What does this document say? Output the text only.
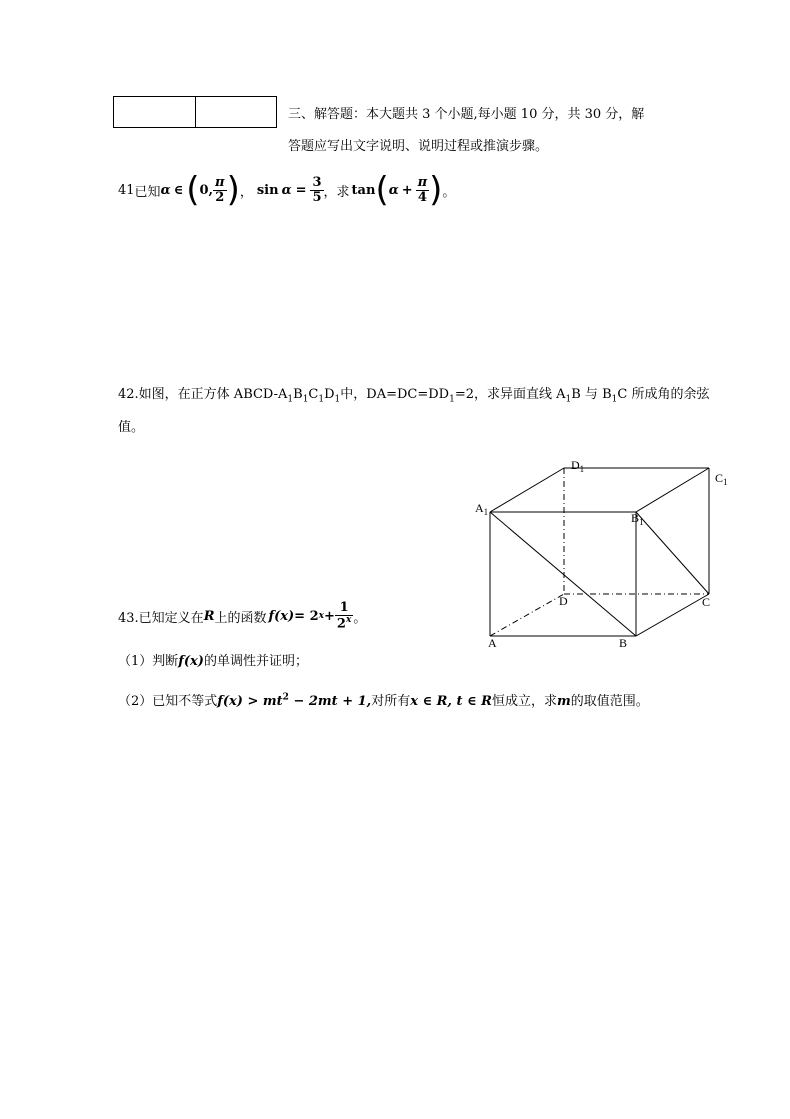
三、解答题：本大题共 3 个小题,每小题 10 分，共 30 分，解
答题应写出文字说明、说明过程或推演步骤。
41 已知 α ∈ ( 0 , $\frac{\pi}{2}$ ) ， $\sin \alpha = \frac{3}{5}$ ，求 tan ( $\alpha + \frac{\pi}{4}$ ) 。
42.如图，在正方体 ABCD-$A_1B_1C_1D_1$中，$DA=DC=DD_1=2$，求异面直线 $A_1B$ 与 $B_1C$ 所成角的余弦
值。
$D_1$
$C_1$
$A_1$	$B_1$
D	C
A	B
43.已知定义在 R 上的函数 f(x) = 2 $x + \frac{1}{2^x}$ 。
（1）判断f(x)的单调性并证明；
（2）已知不等式$f(x) > mt^2 - 2mt + 1$,对所有x ∈ R, t ∈ R恒成立，求m的取值范围。
